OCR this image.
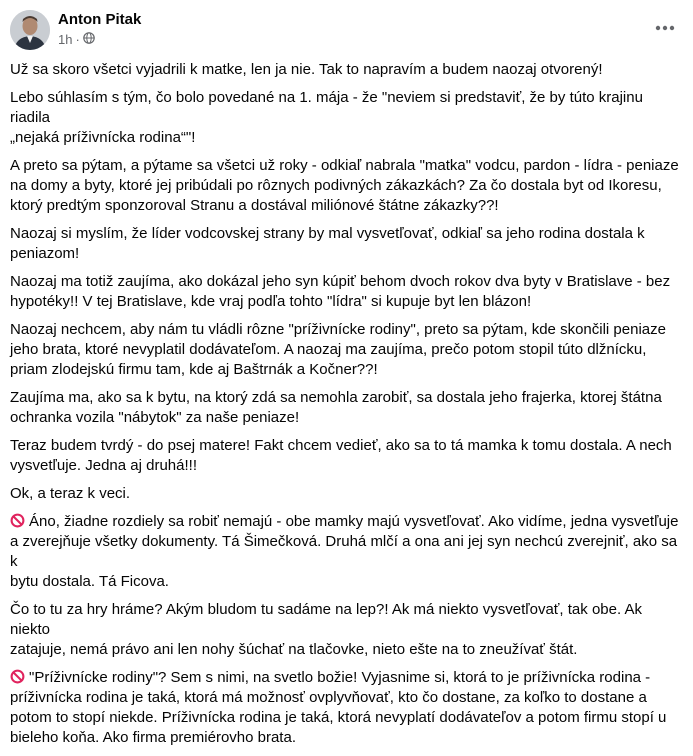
Anton Pitak
1h ·

Už sa skoro všetci vyjadrili k matke, len ja nie. Tak to napravím a budem naozaj otvorený!

Lebo súhlasím s tým, čo bolo povedané na 1. mája - že "neviem si predstaviť, že by túto krajinu riadila
„nejaká príživnícka rodina“"!

A preto sa pýtam, a pýtame sa všetci už roky - odkiaľ nabrala "matka" vodcu, pardon - lídra - peniaze
na domy a byty, ktoré jej pribúdali po rôznych podivných zákazkách? Za čo dostala byt od Ikoresu,
ktorý predtým sponzoroval Stranu a dostával miliónové štátne zákazky??!

Naozaj si myslím, že líder vodcovskej strany by mal vysvetľovať, odkiaľ sa jeho rodina dostala k
peniazom!

Naozaj ma totiž zaujíma, ako dokázal jeho syn kúpiť behom dvoch rokov dva byty v Bratislave - bez
hypotéky!! V tej Bratislave, kde vraj podľa tohto "lídra" si kupuje byt len blázon!

Naozaj nechcem, aby nám tu vládli rôzne "príživnícke rodiny", preto sa pýtam, kde skončili peniaze
jeho brata, ktoré nevyplatil dodávateľom. A naozaj ma zaujíma, prečo potom stopil túto dlžnícku,
priam zlodejskú firmu tam, kde aj Baštrnák a Kočner??!

Zaujíma ma, ako sa k bytu, na ktorý zdá sa nemohla zarobiť, sa dostala jeho frajerka, ktorej štátna
ochranka vozila "nábytok" za naše peniaze!

Teraz budem tvrdý - do psej matere! Fakt chcem vedieť, ako sa to tá mamka k tomu dostala. A nech
vysvetľuje. Jedna aj druhá!!!

Ok, a teraz k veci.

Áno, žiadne rozdiely sa robiť nemajú - obe mamky majú vysvetľovať. Ako vidíme, jedna vysvetľuje
a zverejňuje všetky dokumenty. Tá Šimečková. Druhá mlčí a ona ani jej syn nechcú zverejniť, ako sa k
bytu dostala. Tá Ficova.

Čo to tu za hry hráme? Akým bludom tu sadáme na lep?! Ak má niekto vysvetľovať, tak obe. Ak niekto
zatajuje, nemá právo ani len nohy šúchať na tlačovke, nieto ešte na to zneužívať štát.

"Príživnícke rodiny"? Sem s nimi, na svetlo božie! Vyjasnime si, ktorá to je príživnícka rodina -
príživnícka rodina je taká, ktorá má možnosť ovplyvňovať, kto čo dostane, za koľko to dostane a
potom to stopí niekde. Príživnícka rodina je taká, ktorá nevyplatí dodávateľov a potom firmu stopí u
bieleho koňa. Ako firma premiérovho brata.
